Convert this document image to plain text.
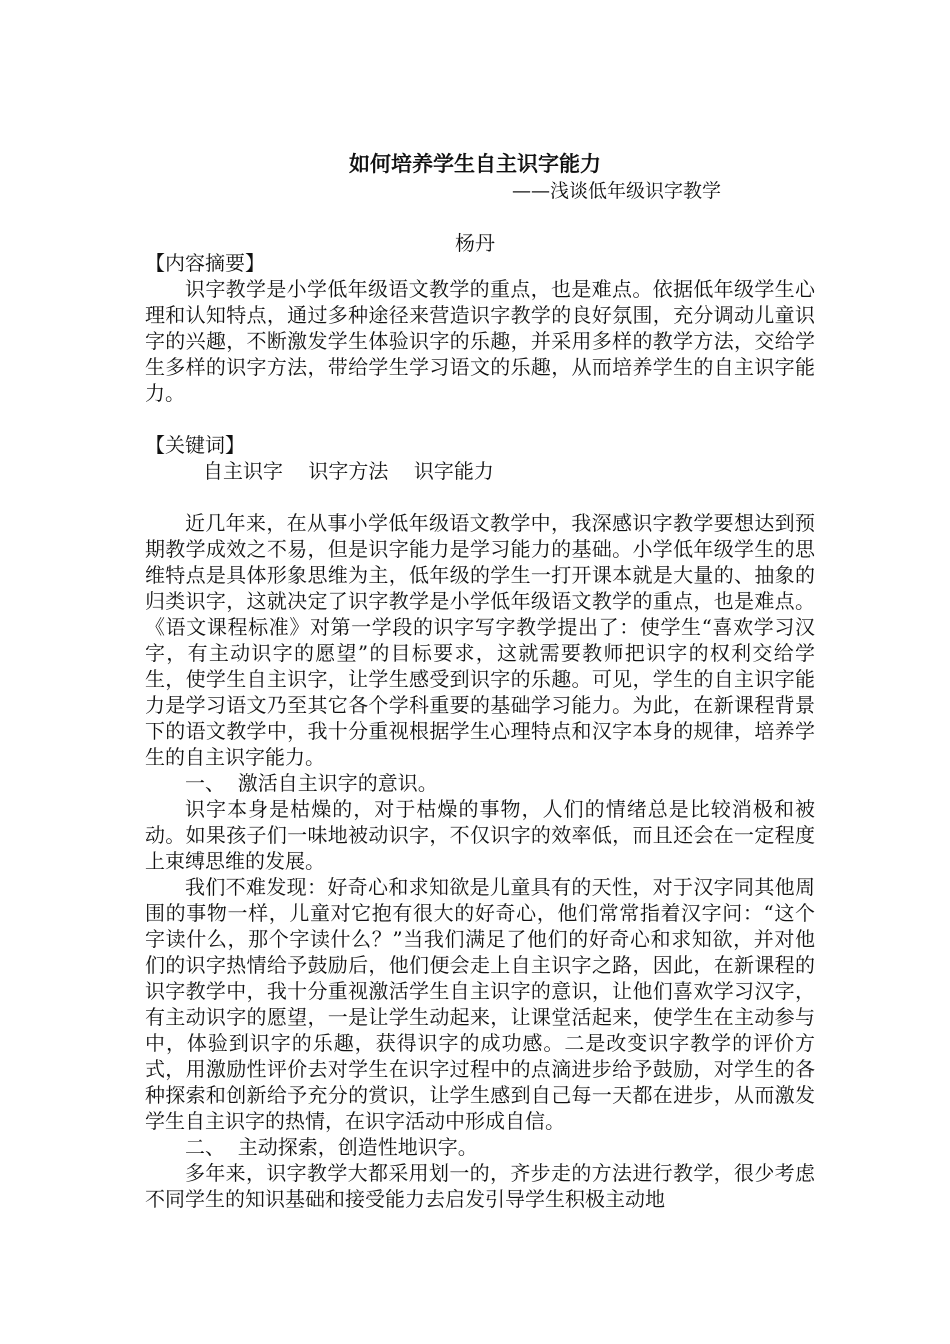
如何培养学生自主识字能力
——浅谈低年级识字教学
杨丹

【内容摘要】

识字教学是小学低年级语文教学的重点，也是难点。依据低年级学生心理和认知特点，通过多种途径来营造识字教学的良好氛围，充分调动儿童识字的兴趣，不断激发学生体验识字的乐趣，并采用多样的教学方法，交给学生多样的识字方法，带给学生学习语文的乐趣，从而培养学生的自主识字能力。

【关键词】

自主识字    识字方法    识字能力

近几年来，在从事小学低年级语文教学中，我深感识字教学要想达到预期教学成效之不易，但是识字能力是学习能力的基础。小学低年级学生的思维特点是具体形象思维为主，低年级的学生一打开课本就是大量的、抽象的归类识字，这就决定了识字教学是小学低年级语文教学的重点，也是难点。《语文课程标准》对第一学段的识字写字教学提出了：使学生“喜欢学习汉字，有主动识字的愿望”的目标要求，这就需要教师把识字的权利交给学生，使学生自主识字，让学生感受到识字的乐趣。可见，学生的自主识字能力是学习语文乃至其它各个学科重要的基础学习能力。为此，在新课程背景下的语文教学中，我十分重视根据学生心理特点和汉字本身的规律，培养学生的自主识字能力。

一、  激活自主识字的意识。

识字本身是枯燥的，对于枯燥的事物，人们的情绪总是比较消极和被动。如果孩子们一味地被动识字，不仅识字的效率低，而且还会在一定程度上束缚思维的发展。

我们不难发现：好奇心和求知欲是儿童具有的天性，对于汉字同其他周围的事物一样，儿童对它抱有很大的好奇心，他们常常指着汉字问：“这个字读什么，那个字读什么？”当我们满足了他们的好奇心和求知欲，并对他们的识字热情给予鼓励后，他们便会走上自主识字之路，因此，在新课程的识字教学中，我十分重视激活学生自主识字的意识，让他们喜欢学习汉字，有主动识字的愿望，一是让学生动起来，让课堂活起来，使学生在主动参与中，体验到识字的乐趣，获得识字的成功感。二是改变识字教学的评价方式，用激励性评价去对学生在识字过程中的点滴进步给予鼓励，对学生的各种探索和创新给予充分的赏识，让学生感到自己每一天都在进步，从而激发学生自主识字的热情，在识字活动中形成自信。

二、  主动探索，创造性地识字。

多年来，识字教学大都采用划一的，齐步走的方法进行教学，很少考虑不同学生的知识基础和接受能力去启发引导学生积极主动地
